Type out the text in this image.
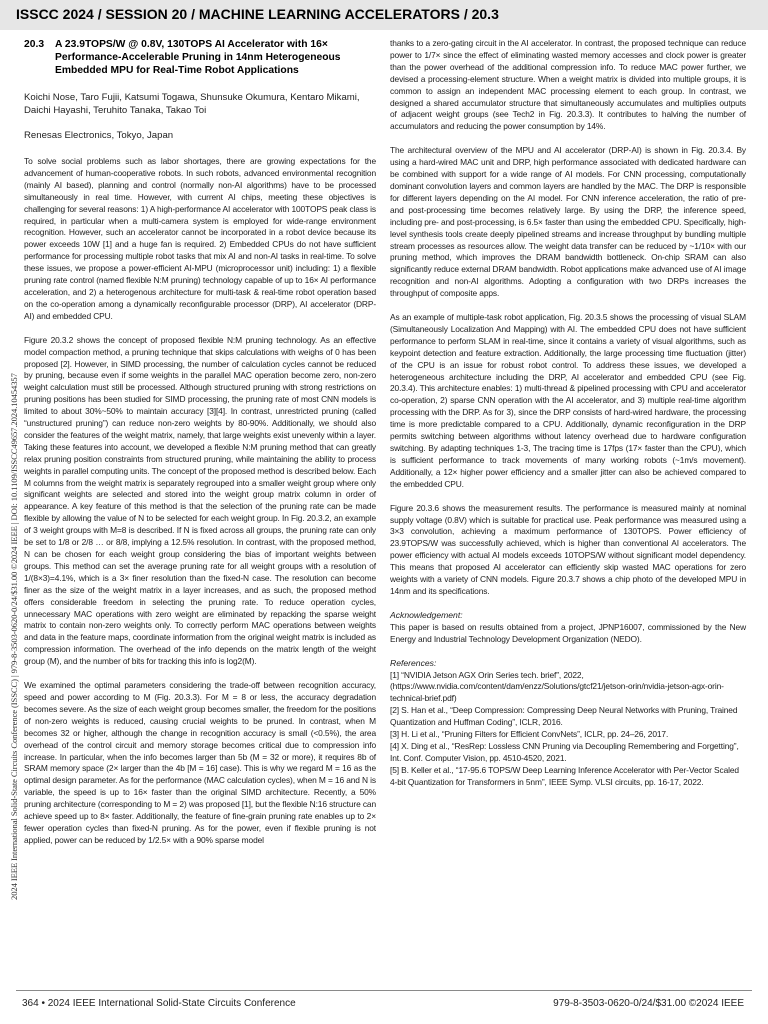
ISSCC 2024 / SESSION 20 / MACHINE LEARNING ACCELERATORS / 20.3
2024 IEEE International Solid-State Circuits Conference (ISSCC) | 979-8-3503-0620-0/24/$31.00 ©2024 IEEE | DOI: 10.1109/ISSCC49657.2024.10454357
20.3	A 23.9TOPS/W @ 0.8V, 130TOPS AI Accelerator with 16× Performance-Accelerable Pruning in 14nm Heterogeneous Embedded MPU for Real-Time Robot Applications
Koichi Nose, Taro Fujii, Katsumi Togawa, Shunsuke Okumura, Kentaro Mikami, Daichi Hayashi, Teruhito Tanaka, Takao Toi
Renesas Electronics, Tokyo, Japan

To solve social problems such as labor shortages, there are growing expectations for the advancement of human-cooperative robots. In such robots, advanced environmental recognition (mainly AI based), planning and control (normally non-AI algorithms) have to be processed simultaneously in real time. However, with current AI chips, meeting these objectives is challenging for several reasons: 1) A high-performance AI accelerator with 100TOPS peak class is required, in particular when a multi-camera system is employed for wide-range environment recognition. However, such an accelerator cannot be incorporated in a robot device because its power exceeds 10W [1] and a huge fan is required. 2) Embedded CPUs do not have sufficient performance for processing multiple robot tasks that mix AI and non-AI tasks in real-time. To solve these issues, we propose a power-efficient AI-MPU (microprocessor unit) including: 1) a flexible pruning rate control (named flexible N:M pruning) technology capable of up to 16× AI performance acceleration, and 2) a heterogenous architecture for multi-task & real-time robot operation based on the co-operation among a dynamically reconfigurable processor (DRP), AI accelerator (DRP-AI) and embedded CPU.

Figure 20.3.2 shows the concept of proposed flexible N:M pruning technology. As an effective model compaction method, a pruning technique that skips calculations with weighs of 0 has been proposed [2]. However, in SIMD processing, the number of calculation cycles cannot be reduced by pruning, because even if some weights in the parallel MAC operation become zero, non-zero weight calculation must still be processed. Although structured pruning with strong restrictions on pruning positions has been studied for SIMD processing, the pruning rate of most CNN models is limited to about 30%~50% to maintain accuracy [3][4]. In contrast, unrestricted pruning (called “unstructured pruning”) can reduce non-zero weights by 80-90%. Additionally, we should also consider the features of the weight matrix, namely, that large weights exist unevenly within a layer. Taking these features into account, we developed a flexible N:M pruning method that can greatly relax pruning position constraints from structured pruning, while maintaining the ability to process weights in parallel computing units. The concept of the proposed method is described below. Each M columns from the weight matrix is separately regrouped into a smaller weight group where only significant weights are selected and stored into the weight group matrix column in order of appearance. A key feature of this method is that the selection of the pruning rate can be made flexible by allowing the value of N to be selected for each weight group. In Fig. 20.3.2, an example of 3 weight groups with M=8 is described. If N is fixed across all groups, the pruning rate can only be set to 1/8 or 2/8 … or 8/8, implying a 12.5% resolution. In contrast, with the proposed method, N can be chosen for each weight group considering the bias of important weights between groups. This method can set the average pruning rate for all weight groups with a resolution of 1/(8×3)=4.1%, which is a 3× finer resolution than the fixed-N case. The resolution can become finer as the size of the weight matrix in a layer increases, and as such, the proposed method offers considerable freedom in selecting the pruning rate. To reduce operation cycles, unnecessary MAC operations with zero weight are eliminated by repacking the sparse weight matrix to contain non-zero weights only. To correctly perform MAC operations between weights and data in the feature maps, coordinate information from the original weight matrix is included as compression information. The overhead of the info depends on the matrix length of the weight group (M), and the number of bits for tracking this info is log2(M).

We examined the optimal parameters considering the trade-off between recognition accuracy, speed and power according to M (Fig. 20.3.3). For M = 8 or less, the accuracy degradation becomes severe. As the size of each weight group becomes smaller, the freedom for the positions of non-zero weights is reduced, causing crucial weights to be pruned. In contrast, when M becomes 32 or higher, although the change in recognition accuracy is small (<0.5%), the area overhead of the control circuit and memory storage becomes critical due to compression info increase. In particular, when the info becomes larger than 5b (M = 32 or more), it requires 8b of SRAM memory space (2× larger than the 4b [M = 16] case). This is why we regard M = 16 as the optimal design parameter. As for the performance (MAC calculation cycles), when M = 16 and N is variable, the speed is up to 16× faster than the original SIMD architecture. Recently, a 50% pruning architecture (corresponding to M = 2) was proposed [1], but the flexible N:16 structure can achieve speed up to 8× faster. Additionally, the feature of fine-grain pruning rate enables up to 2× fewer operation cycles than fixed-N pruning. As for the power, even if flexible pruning is not applied, power can be reduced by 1/2.5× with a 90% sparse model

thanks to a zero-gating circuit in the AI accelerator. In contrast, the proposed technique can reduce power to 1/7× since the effect of eliminating wasted memory accesses and clock power is greater than the power overhead of the additional compression info. To reduce MAC power further, we devised a processing-element structure. When a weight matrix is divided into multiple groups, it is common to assign an independent MAC processing element to each group. In contrast, we designed a shared accumulator structure that simultaneously accumulates and multiplies outputs of adjacent weight groups (see Tech2 in Fig. 20.3.3). It contributes to halving the number of accumulators and reducing the power consumption by 14%.

The architectural overview of the MPU and AI accelerator (DRP-AI) is shown in Fig. 20.3.4. By using a hard-wired MAC unit and DRP, high performance associated with dedicated hardware can be combined with support for a wide range of AI models. For CNN processing, computationally dominant convolution layers and common layers are handled by the MAC. The DRP is responsible for different layers depending on the AI model. For CNN inference acceleration, the ratio of pre- and post-processing time becomes relatively large. By using the DRP, the inference speed, including pre- and post-processing, is 6.5× faster than using the embedded CPU. Specifically, high-level synthesis tools create deeply pipelined streams and increase throughput by bundling multiple stream processes as resources allow. The weight data transfer can be reduced by ~1/10× with our pruning method, which improves the DRAM bandwidth bottleneck. On-chip SRAM can also significantly reduce external DRAM bandwidth. Robot applications make advanced use of AI image recognition and non-AI algorithms. Adopting a configuration with two DRPs increases the throughput of composite apps.

As an example of multiple-task robot application, Fig. 20.3.5 shows the processing of visual SLAM (Simultaneously Localization And Mapping) with AI. The embedded CPU does not have sufficient performance to perform SLAM in real-time, since it contains a variety of visual algorithms, such as keypoint detection and feature extraction. Additionally, the large processing time fluctuation (jitter) of the CPU is an issue for robust robot control. To address these issues, we developed a heterogeneous architecture including the DRP, AI accelerator and embedded CPU (see Fig. 20.3.4). This architecture enables: 1) multi-thread & pipelined processing with CPU and accelerator co-operation, 2) sparse CNN operation with the AI accelerator, and 3) multiple real-time algorithm processing with the DRP. As for 3), since the DRP consists of hard-wired hardware, the processing time is more predictable compared to a CPU. Additionally, dynamic reconfiguration in the DRP permits switching between algorithms without latency overhead due to hardware configuration switching. By adapting techniques 1-3, The tracing time is 17fps (17× faster than the CPU), which is sufficient performance to track movements of many working robots (~1m/s movement). Additionally, a 12× higher power efficiency and a smaller jitter can also be achieved compared to the embedded CPU.

Figure 20.3.6 shows the measurement results. The performance is measured mainly at nominal supply voltage (0.8V) which is suitable for practical use. Peak performance was measured using a 3×3 convolution, achieving a maximum performance of 130TOPS. Power efficiency of 23.9TOPS/W was successfully achieved, which is higher than conventional AI accelerators. The power efficiency with actual AI models exceeds 10TOPS/W without significant model dependency. This means that proposed AI accelerator can efficiently skip wasted MAC operations for zero weights with a variety of CNN models. Figure 20.3.7 shows a chip photo of the developed MPU in 14nm and its specifications.

Acknowledgement:

This paper is based on results obtained from a project, JPNP16007, commissioned by the New Energy and Industrial Technology Development Organization (NEDO).

References:
[1] “NVIDIA Jetson AGX Orin Series tech. brief”, 2022, (https://www.nvidia.com/content/dam/enzz/Solutions/gtcf21/jetson-orin/nvidia-jetson-agx-orin-technical-brief.pdf)
[2] S. Han et al., “Deep Compression: Compressing Deep Neural Networks with Pruning, Trained Quantization and Huffman Coding”, ICLR, 2016.
[3] H. Li et al., “Pruning Filters for Efficient ConvNets”, ICLR, pp. 24–26, 2017.
[4] X. Ding et al., “ResRep: Lossless CNN Pruning via Decoupling Remembering and Forgetting”, Int. Conf. Computer Vision, pp. 4510-4520, 2021.
[5] B. Keller et al., “17-95.6 TOPS/W Deep Learning Inference Accelerator with Per-Vector Scaled 4-bit Quantization for Transformers in 5nm”, IEEE Symp. VLSI circuits, pp. 16-17, 2022.
364 • 2024 IEEE International Solid-State Circuits Conference	979-8-3503-0620-0/24/$31.00 ©2024 IEEE
